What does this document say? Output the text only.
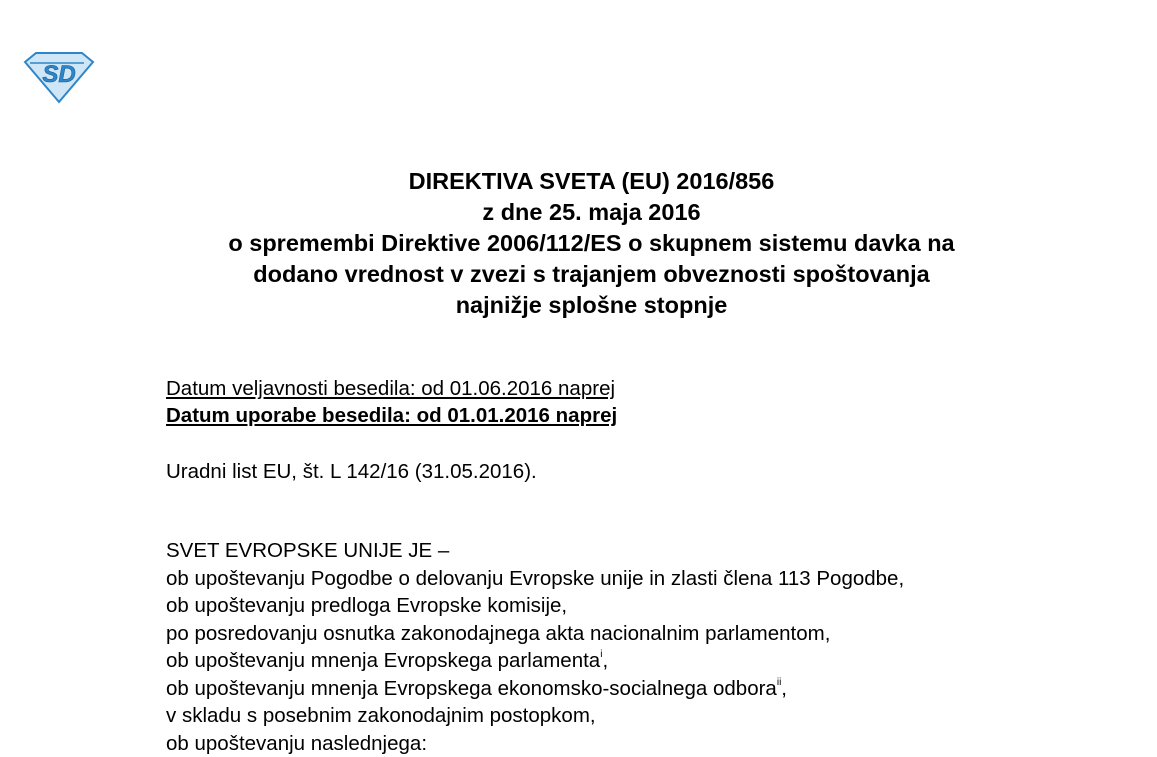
SD
DIREKTIVA SVETA (EU) 2016/856
z dne 25. maja 2016
o spremembi Direktive 2006/112/ES o skupnem sistemu davka na
dodano vrednost v zvezi s trajanjem obveznosti spoštovanja
najnižje splošne stopnje
Datum veljavnosti besedila: od 01.06.2016 naprej
Datum uporabe besedila: od 01.01.2016 naprej
Uradni list EU, št. L 142/16 (31.05.2016).
SVET EVROPSKE UNIJE JE –
ob upoštevanju Pogodbe o delovanju Evropske unije in zlasti člena 113 Pogodbe,
ob upoštevanju predloga Evropske komisije,
po posredovanju osnutka zakonodajnega akta nacionalnim parlamentom,
ob upoštevanju mnenja Evropskega parlamenta$^i$,
ob upoštevanju mnenja Evropskega ekonomsko-socialnega odbora$^{ii}$,
v skladu s posebnim zakonodajnim postopkom,
ob upoštevanju naslednjega:
